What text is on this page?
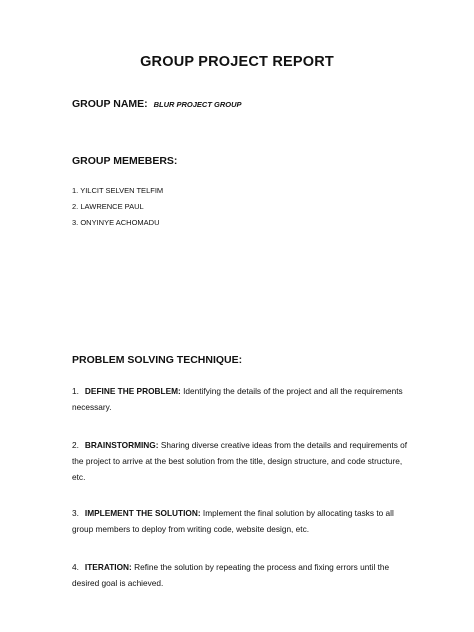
GROUP PROJECT REPORT
GROUP NAME: BLUR PROJECT GROUP
GROUP MEMEBERS:
1. YILCIT SELVEN TELFIM
2. LAWRENCE PAUL
3. ONYINYE ACHOMADU
PROBLEM SOLVING TECHNIQUE:
1. DEFINE THE PROBLEM: Identifying the details of the project and all the requirements necessary.
2. BRAINSTORMING: Sharing diverse creative ideas from the details and requirements of the project to arrive at the best solution from the title, design structure, and code structure, etc.
3. IMPLEMENT THE SOLUTION: Implement the final solution by allocating tasks to all group members to deploy from writing code, website design, etc.
4. ITERATION: Refine the solution by repeating the process and fixing errors until the desired goal is achieved.
